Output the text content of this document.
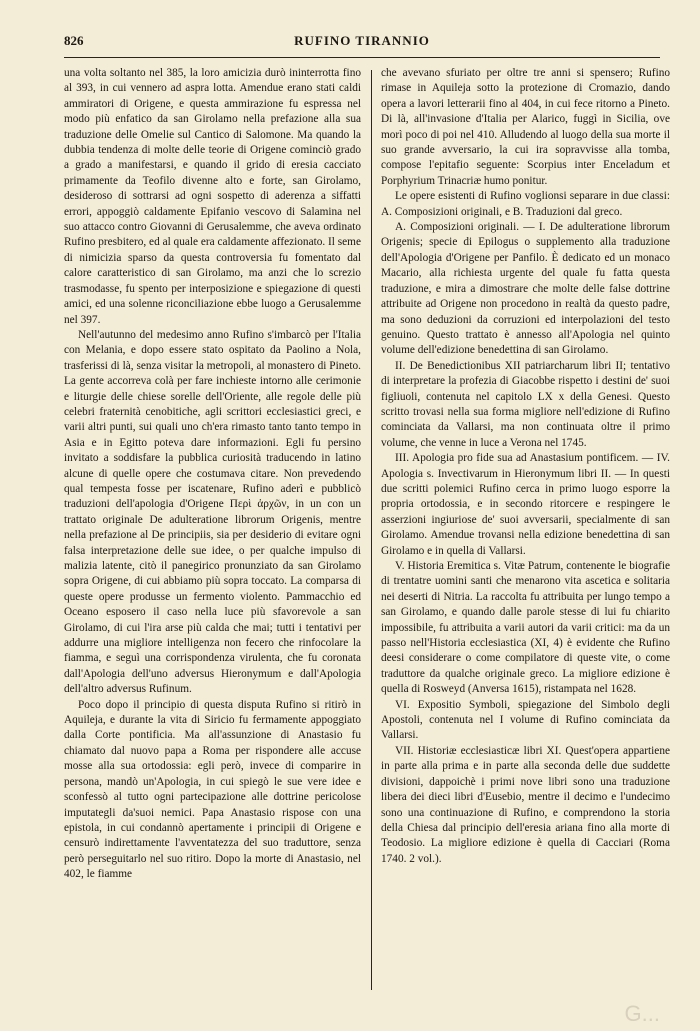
826	RUFINO TIRANNIO

una volta soltanto nel 385, la loro amicizia durò ininterrotta fino al 393, in cui vennero ad aspra lotta. Amendue erano stati caldi ammiratori di Origene, e questa ammirazione fu espressa nel modo più enfatico da san Girolamo nella prefazione alla sua traduzione delle Omelie sul Cantico di Salomone. Ma quando la dubbia tendenza di molte delle teorie di Origene cominciò grado a grado a manifestarsi, e quando il grido di eresia cacciato primamente da Teofilo divenne alto e forte, san Girolamo, desideroso di sottrarsi ad ogni sospetto di aderenza a siffatti errori, appoggiò caldamente Epifanio vescovo di Salamina nel suo attacco contro Giovanni di Gerusalemme, che aveva ordinato Rufino presbitero, ed al quale era caldamente affezionato. Il seme di nimicizia sparso da questa controversia fu fomentato dal calore caratteristico di san Girolamo, ma anzi che lo screzio trasmodasse, fu spento per interposizione e spiegazione di questi amici, ed una solenne riconciliazione ebbe luogo a Gerusalemme nel 397.

Nell'autunno del medesimo anno Rufino s'imbarcò per l'Italia con Melania, e dopo essere stato ospitato da Paolino a Nola, trasferissi di là, senza visitar la metropoli, al monastero di Pineto. La gente accorreva colà per fare inchieste intorno alle cerimonie e liturgie delle chiese sorelle dell'Oriente, alle regole delle più celebri fraternità cenobitiche, agli scrittori ecclesiastici greci, e varii altri punti, sui quali uno ch'era rimasto tanto tanto tempo in Asia e in Egitto poteva dare informazioni. Egli fu persino invitato a soddisfare la pubblica curiosità traducendo in latino alcune di quelle opere che costumava citare. Non prevedendo qual tempesta fosse per iscatenare, Rufino aderì e pubblicò traduzioni dell'apologia d'Origene Περὶ ἀρχῶν, in un con un trattato originale De adulteratione librorum Origenis, mentre nella prefazione al De principiis, sia per desiderio di evitare ogni falsa interpretazione delle sue idee, o per qualche impulso di malizia latente, citò il panegirico pronunziato da san Girolamo sopra Origene, di cui abbiamo più sopra toccato. La comparsa di queste opere produsse un fermento violento. Pammacchio ed Oceano esposero il caso nella luce più sfavorevole a san Girolamo, di cui l'ira arse più calda che mai; tutti i tentativi per addurre una migliore intelligenza non fecero che rinfocolare la fiamma, e seguì una corrispondenza virulenta, che fu coronata dall'Apologia dell'uno adversus Hieronymum e dall'Apologia dell'altro adversus Rufinum.

Poco dopo il principio di questa disputa Rufino si ritirò in Aquileja, e durante la vita di Siricio fu fermamente appoggiato dalla Corte pontificia. Ma all'assunzione di Anastasio fu chiamato dal nuovo papa a Roma per rispondere alle accuse mosse alla sua ortodossia: egli però, invece di comparire in persona, mandò un'Apologia, in cui spiegò le sue vere idee e sconfessò al tutto ogni partecipazione alle dottrine pericolose imputategli da'suoi nemici. Papa Anastasio rispose con una epistola, in cui condannò apertamente i principii di Origene e censurò indirettamente l'avventatezza del suo traduttore, senza però perseguitarlo nel suo ritiro. Dopo la morte di Anastasio, nel 402, le fiamme

che avevano sfuriato per oltre tre anni si spensero; Rufino rimase in Aquileja sotto la protezione di Cromazio, dando opera a lavori letterarii fino al 404, in cui fece ritorno a Pineto. Di là, all'invasione d'Italia per Alarico, fuggì in Sicilia, ove morì poco di poi nel 410. Alludendo al luogo della sua morte il suo grande avversario, la cui ira sopravvisse alla tomba, compose l'epitafio seguente: Scorpius inter Enceladum et Porphyrium Trinacriæ humo ponitur.

Le opere esistenti di Rufino voglionsi separare in due classi: A. Composizioni originali, e B. Traduzioni dal greco.

A. Composizioni originali. — I. De adulteratione librorum Origenis; specie di Epilogus o supplemento alla traduzione dell'Apologia d'Origene per Panfilo. È dedicato ed un monaco Macario, alla richiesta urgente del quale fu fatta questa traduzione, e mira a dimostrare che molte delle false dottrine attribuite ad Origene non procedono in realtà da questo padre, ma sono deduzioni da corruzioni ed interpolazioni del testo genuino. Questo trattato è annesso all'Apologia nel quinto volume dell'edizione benedettina di san Girolamo.

II. De Benedictionibus XII patriarcharum libri II; tentativo di interpretare la profezia di Giacobbe rispetto i destini de' suoi figliuoli, contenuta nel capitolo LX x della Genesi. Questo scritto trovasi nella sua forma migliore nell'edizione di Rufino cominciata da Vallarsi, ma non continuata oltre il primo volume, che venne in luce a Verona nel 1745.

III. Apologia pro fide sua ad Anastasium pontificem. — IV. Apologia s. Invectivarum in Hieronymum libri II. — In questi due scritti polemici Rufino cerca in primo luogo esporre la propria ortodossia, e in secondo ritorcere e respingere le asserzioni ingiuriose de' suoi avversarii, specialmente di san Girolamo. Amendue trovansi nella edizione benedettina di san Girolamo e in quella di Vallarsi.

V. Historia Eremitica s. Vitæ Patrum, contenente le biografie di trentatre uomini santi che menarono vita ascetica e solitaria nei deserti di Nitria. La raccolta fu attribuita per lungo tempo a san Girolamo, e quando dalle parole stesse di lui fu chiarito impossibile, fu attribuita a varii autori da varii critici: ma da un passo nell'Historia ecclesiastica (XI, 4) è evidente che Rufino deesi considerare o come compilatore di queste vite, o come traduttore da qualche originale greco. La migliore edizione è quella di Rosweyd (Anversa 1615), ristampata nel 1628.

VI. Expositio Symboli, spiegazione del Simbolo degli Apostoli, contenuta nel I volume di Rufino cominciata da Vallarsi.

VII. Historiæ ecclesiasticæ libri XI. Quest'opera appartiene in parte alla prima e in parte alla seconda delle due suddette divisioni, dappoichè i primi nove libri sono una traduzione libera dei dieci libri d'Eusebio, mentre il decimo e l'undecimo sono una continuazione di Rufino, e comprendono la storia della Chiesa dal principio dell'eresia ariana fino alla morte di Teodosio. La migliore edizione è quella di Cacciari (Roma 1740. 2 vol.).

G...
